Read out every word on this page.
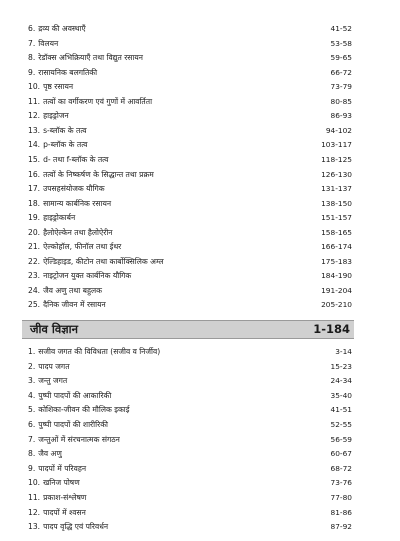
6. द्रव्य की अवस्थाएँ	41-52
7. विलयन	53-58
8. रेडॉक्स अभिक्रियाएँ तथा विद्युत रसायन	59-65
9. रासायनिक बलगतिकी	66-72
10. पृष्ठ रसायन	73-79
11. तत्वों का वर्गीकरण एवं गुणों में आवर्तिता	80-85
12. हाइड्रोजन	86-93
13. s-ब्लॉक के तत्व	94-102
14. p-ब्लॉक के तत्व	103-117
15. d- तथा f-ब्लॉक के तत्व	118-125
16. तत्वों के निष्कर्षण के सिद्धान्त तथा प्रक्रम	126-130
17. उपसहसंयोजक यौगिक	131-137
18. सामान्य कार्बनिक रसायन	138-150
19. हाइड्रोकार्बन	151-157
20. हैलोऐल्केन तथा हैलोऐरीन	158-165
21. ऐल्कोहॉल, फीनॉल तथा ईथर	166-174
22. ऐल्डिहाइड, कीटोन तथा कार्बोक्सिलिक अम्ल	175-183
23. नाइट्रोजन युक्त कार्बनिक यौगिक	184-190
24. जैव अणु तथा बहुलक	191-204
25. दैनिक जीवन में रसायन	205-210
जीव विज्ञान	1-184
1. सजीव जगत की विविधता (सजीव व निर्जीव)	3-14
2. पादप जगत	15-23
3. जन्तु जगत	24-34
4. पुष्पी पादपों की आकारिकी	35-40
5. कोशिका-जीवन की मौलिक इकाई	41-51
6. पुष्पी पादपों की शारीरिकी	52-55
7. जन्तुओं में संरचनात्मक संगठन	56-59
8. जैव अणु	60-67
9. पादपों में परिवहन	68-72
10. खनिज पोषण	73-76
11. प्रकाश-संश्लेषण	77-80
12. पादपों में श्वसन	81-86
13. पादप वृद्धि एवं परिवर्धन	87-92
